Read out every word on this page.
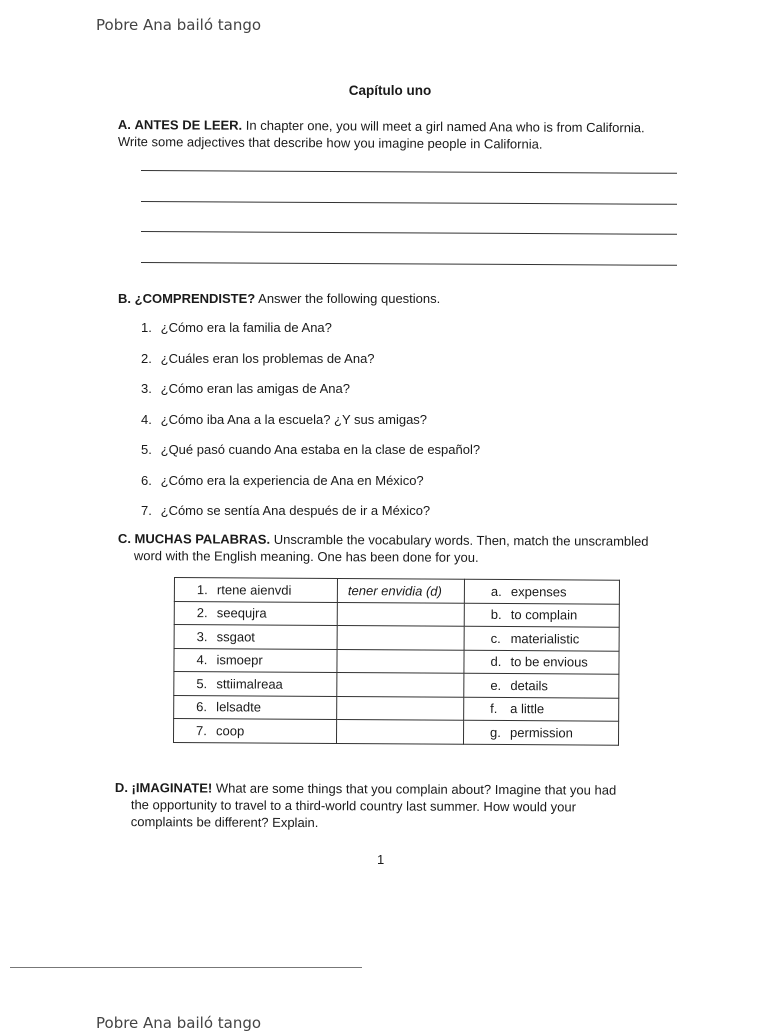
Pobre Ana bailó tango
Capítulo uno
A. ANTES DE LEER. In chapter one, you will meet a girl named Ana who is from California.
Write some adjectives that describe how you imagine people in California.
B. ¿COMPRENDISTE? Answer the following questions.
1. ¿Cómo era la familia de Ana?
2. ¿Cuáles eran los problemas de Ana?
3. ¿Cómo eran las amigas de Ana?
4. ¿Cómo iba Ana a la escuela? ¿Y sus amigas?
5. ¿Qué pasó cuando Ana estaba en la clase de español?
6. ¿Cómo era la experiencia de Ana en México?
7. ¿Cómo se sentía Ana después de ir a México?
C. MUCHAS PALABRAS. Unscramble the vocabulary words. Then, match the unscrambled
word with the English meaning. One has been done for you.
1. rtene aienvdi	tener envidia (d)	a. expenses
2. seequjra		b. to complain
3. ssgaot		c. materialistic
4. ismoepr		d. to be envious
5. sttiimalreaa		e. details
6. lelsadte		f. a little
7. coop		g. permission
D. ¡IMAGINATE! What are some things that you complain about? Imagine that you had
the opportunity to travel to a third-world country last summer. How would your
complaints be different? Explain.
1
Pobre Ana bailó tango
